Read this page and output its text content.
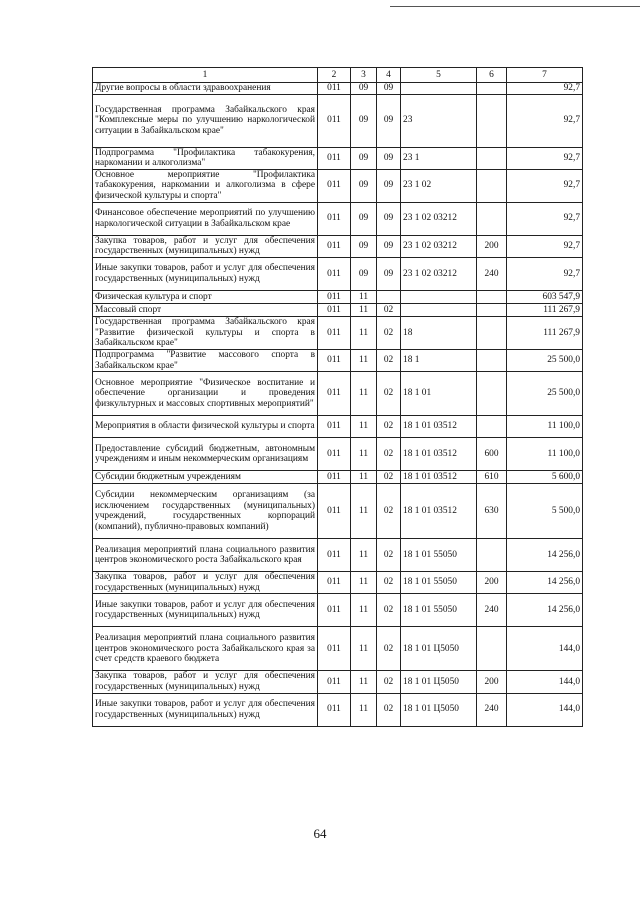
1	2	3	4	5	6	7
Другие вопросы в области здравоохранения	011	09	09			92,7
Государственная программа Забайкальского края "Комплексные меры по улучшению наркологической ситуации в Забайкальском крае"	011	09	09	23		92,7
Подпрограмма "Профилактика табакокурения, наркомании и алкоголизма"	011	09	09	23 1		92,7
Основное мероприятие "Профилактика табакокурения, наркомании и алкоголизма в сфере физической культуры и спорта"	011	09	09	23 1 02		92,7
Финансовое обеспечение мероприятий по улучшению наркологической ситуации в Забайкальском крае	011	09	09	23 1 02 03212		92,7
Закупка товаров, работ и услуг для обеспечения государственных (муниципальных) нужд	011	09	09	23 1 02 03212	200	92,7
Иные закупки товаров, работ и услуг для обеспечения государственных (муниципальных) нужд	011	09	09	23 1 02 03212	240	92,7
Физическая культура и спорт	011	11				603 547,9
Массовый спорт	011	11	02			111 267,9
Государственная программа Забайкальского края "Развитие физической культуры и спорта в Забайкальском крае"	011	11	02	18		111 267,9
Подпрограмма "Развитие массового спорта в Забайкальском крае"	011	11	02	18 1		25 500,0
Основное мероприятие "Физическое воспитание и обеспечение организации и проведения физкультурных и массовых спортивных мероприятий"	011	11	02	18 1 01		25 500,0
Мероприятия в области физической культуры и спорта	011	11	02	18 1 01 03512		11 100,0
Предоставление субсидий бюджетным, автономным учреждениям и иным некоммерческим организациям	011	11	02	18 1 01 03512	600	11 100,0
Субсидии бюджетным учреждениям	011	11	02	18 1 01 03512	610	5 600,0
Субсидии некоммерческим организациям (за исключением государственных (муниципальных) учреждений, государственных корпораций (компаний), публично-правовых компаний)	011	11	02	18 1 01 03512	630	5 500,0
Реализация мероприятий плана социального развития центров экономического роста Забайкальского края	011	11	02	18 1 01 55050		14 256,0
Закупка товаров, работ и услуг для обеспечения государственных (муниципальных) нужд	011	11	02	18 1 01 55050	200	14 256,0
Иные закупки товаров, работ и услуг для обеспечения государственных (муниципальных) нужд	011	11	02	18 1 01 55050	240	14 256,0
Реализация мероприятий плана социального развития центров экономического роста Забайкальского края за счет средств краевого бюджета	011	11	02	18 1 01 Ц5050		144,0
Закупка товаров, работ и услуг для обеспечения государственных (муниципальных) нужд	011	11	02	18 1 01 Ц5050	200	144,0
Иные закупки товаров, работ и услуг для обеспечения государственных (муниципальных) нужд	011	11	02	18 1 01 Ц5050	240	144,0
64
